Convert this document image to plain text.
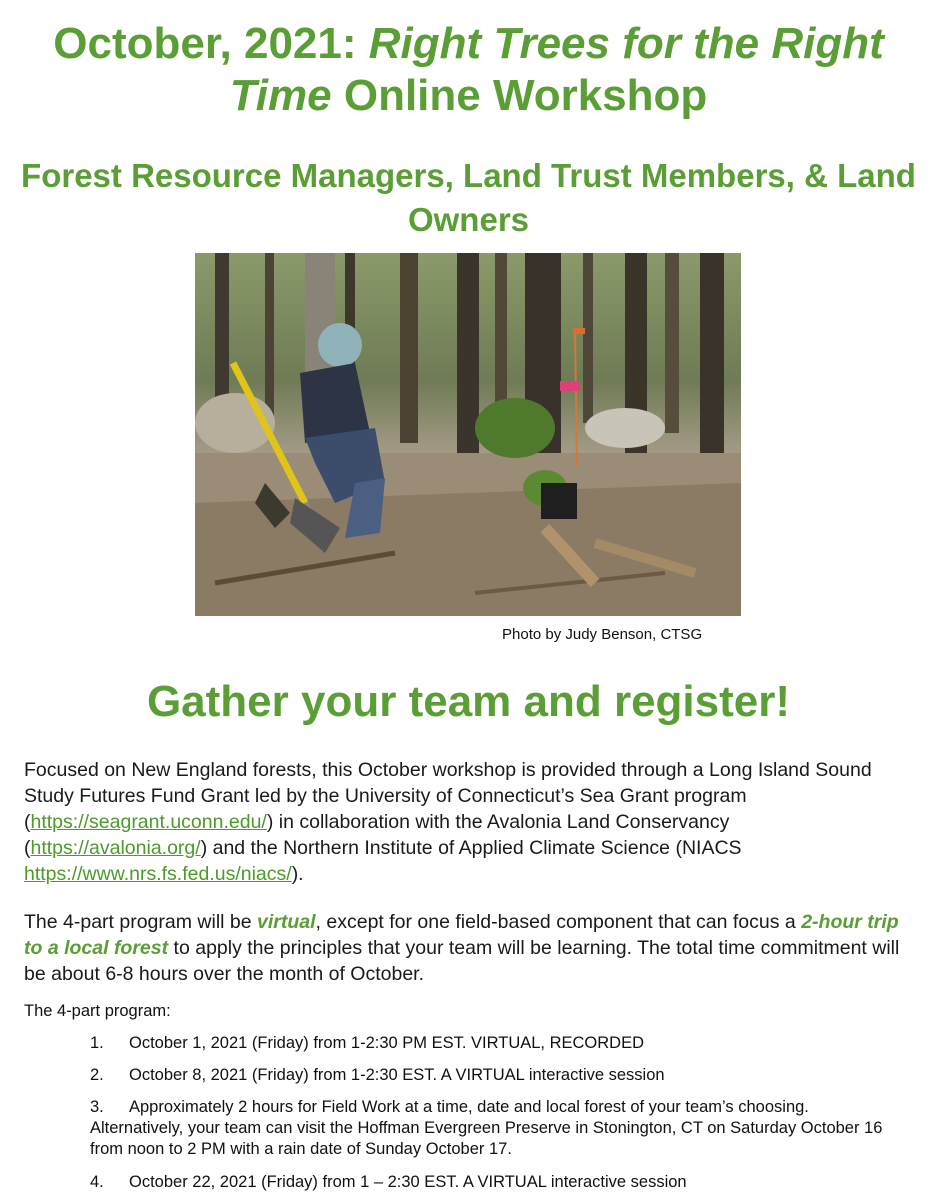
October, 2021: Right Trees for the Right Time Online Workshop
Forest Resource Managers, Land Trust Members, & Land Owners
Photo by Judy Benson, CTSG
Gather your team and register!

Focused on New England forests, this October workshop is provided through a Long Island Sound Study Futures Fund Grant led by the University of Connecticut’s Sea Grant program (https://seagrant.uconn.edu/) in collaboration with the Avalonia Land Conservancy (https://avalonia.org/) and the Northern Institute of Applied Climate Science (NIACS https://www.nrs.fs.fed.us/niacs/).

The 4-part program will be virtual, except for one field-based component that can focus a 2-hour trip to a local forest to apply the principles that your team will be learning. The total time commitment will be about 6-8 hours over the month of October.

The 4-part program:

1. October 1, 2021 (Friday) from 1-2:30 PM EST. VIRTUAL, RECORDED
2. October 8, 2021 (Friday) from 1-2:30 EST. A VIRTUAL interactive session
3. Approximately 2 hours for Field Work at a time, date and local forest of your team’s choosing. Alternatively, your team can visit the Hoffman Evergreen Preserve in Stonington, CT on Saturday October 16 from noon to 2 PM with a rain date of Sunday October 17.
4. October 22, 2021 (Friday) from 1 – 2:30 EST. A VIRTUAL interactive session
